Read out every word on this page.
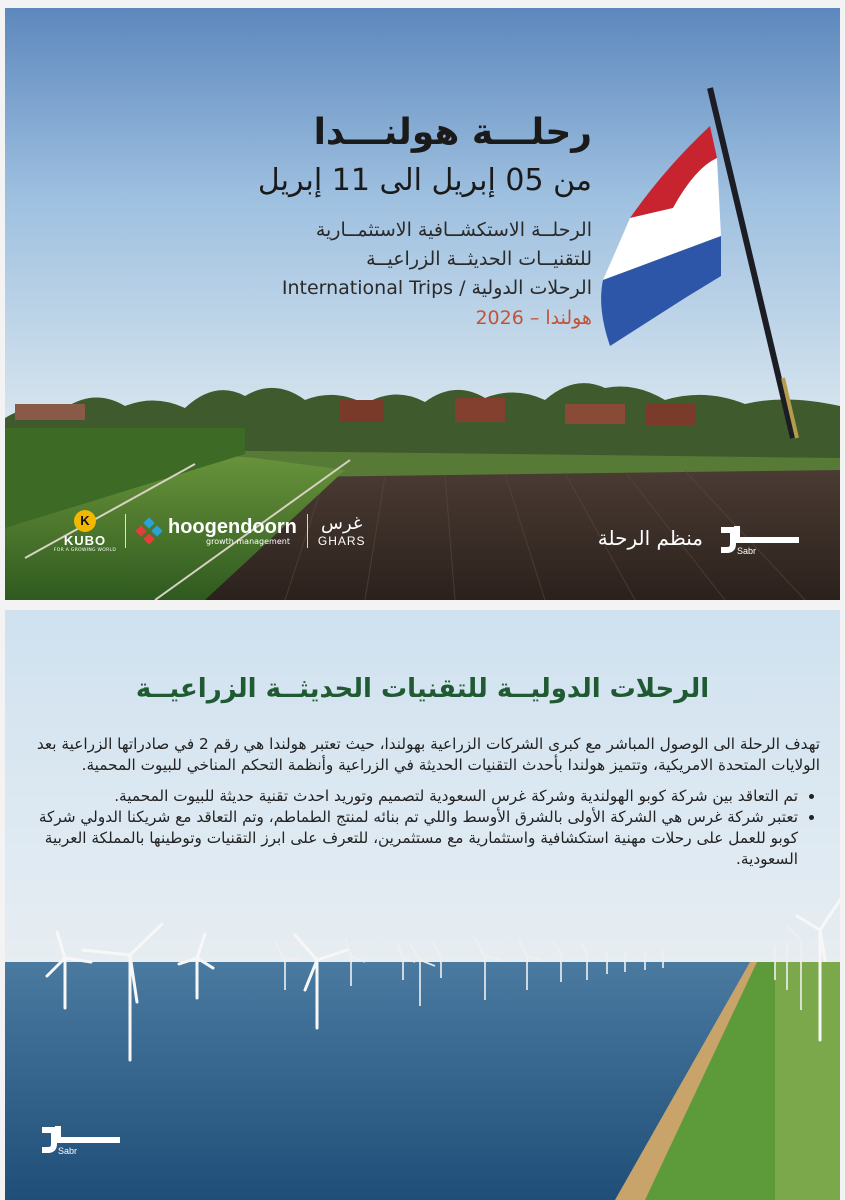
رحلـــة هولنـــدا
من 05 إبريل الى 11 إبريل
الرحلــة الاستكشــافية الاستثمــارية
للتقنيــات الحديثــة الزراعيــة
الرحلات الدولية / International Trips
هولندا – 2026
K
KUBO
FOR A GROWING WORLD
hoogendoorn
growth management
غرس
GHARS	منظم الرحلة
Sabr
الرحلات الدوليــة للتقنيات الحديثــة الزراعيــة
تهدف الرحلة الى الوصول المباشر مع كبرى الشركات الزراعية بهولندا، حيث تعتبر هولندا هي رقم 2 في صادراتها الزراعية بعد الولايات المتحدة الامريكية، وتتميز هولندا بأحدث التقنيات الحديثة في الزراعية وأنظمة التحكم المناخي للبيوت المحمية.
• تم التعاقد بين شركة كوبو الهولندية وشركة غرس السعودية لتصميم وتوريد احدث تقنية حديثة للبيوت المحمية.
• تعتبر شركة غرس هي الشركة الأولى بالشرق الأوسط واللي تم بنائه لمنتج الطماطم، وتم التعاقد مع شريكنا الدولي شركة كوبو للعمل على رحلات مهنية استكشافية واستثمارية مع مستثمرين، للتعرف على ابرز التقنيات وتوطينها بالمملكة العربية السعودية.
Sabr
